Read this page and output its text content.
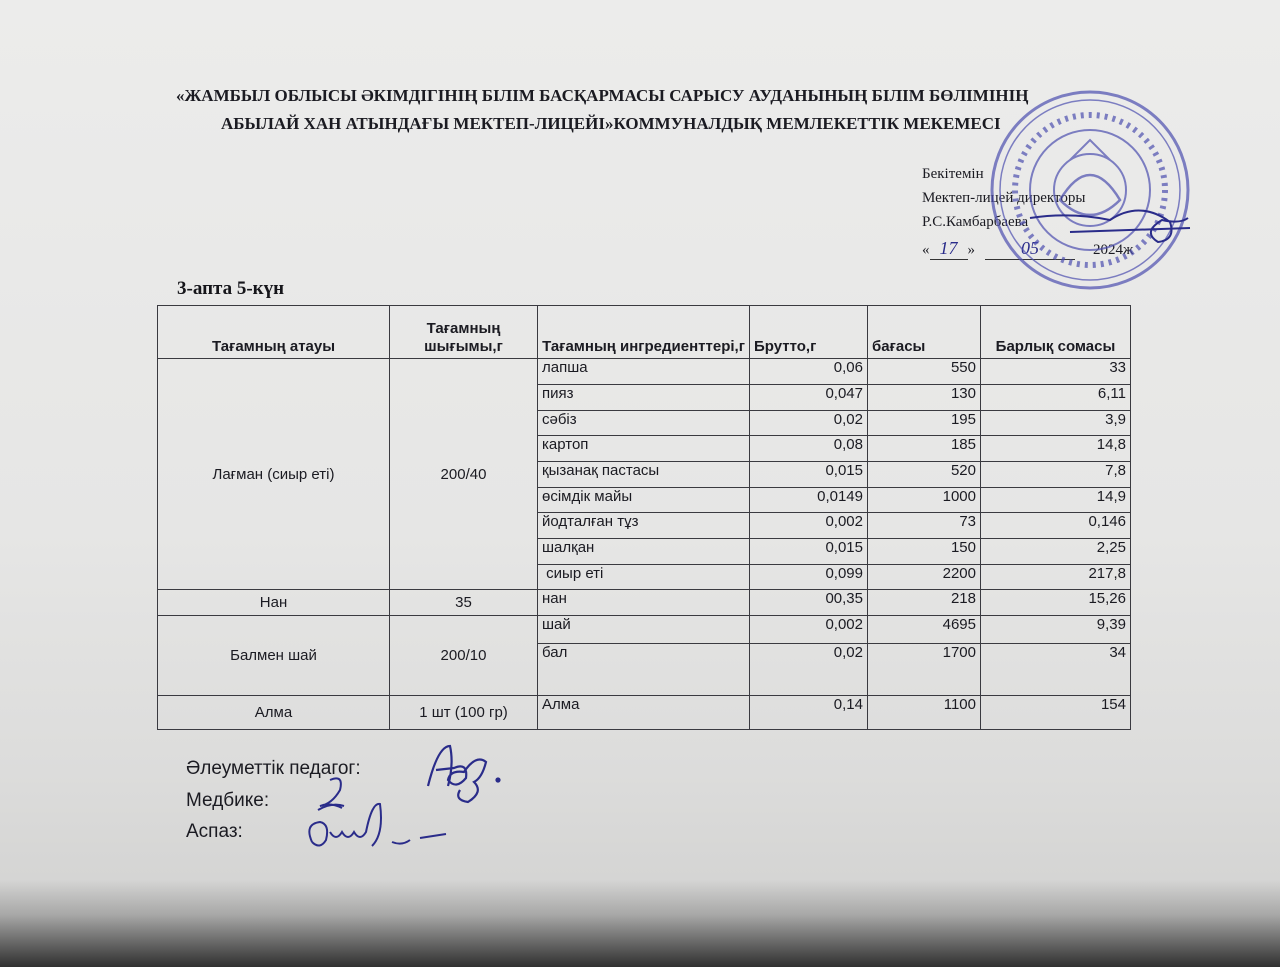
«ЖАМБЫЛ ОБЛЫСЫ ӘКІМДІГІНІҢ БІЛІМ БАСҚАРМАСЫ САРЫСУ АУДАНЫНЫҢ БІЛІМ БӨЛІМІНІҢ
АБЫЛАЙ ХАН АТЫНДАҒЫ МЕКТЕП-ЛИЦЕЙІ»КОММУНАЛДЫҚ МЕМЛЕКЕТТІК МЕКЕМЕСІ
Бекітемін
Мектеп-лицей директоры
Р.С.Камбарбаева
« 17 »	05	2024ж
3-апта 5-күн
Тағамның атауы	Тағамның шығымы,г	Тағамның ингредиенттері,г	Брутто,г	бағасы	Барлық сомасы
Лағман (сиыр еті)	200/40	лапша	0,06	550	33
		пияз	0,047	130	6,11
		сәбіз	0,02	195	3,9
		картоп	0,08	185	14,8
		қызанақ пастасы	0,015	520	7,8
		өсімдік майы	0,0149	1000	14,9
		йодталған тұз	0,002	73	0,146
		шалқан	0,015	150	2,25
		сиыр еті	0,099	2200	217,8
Нан	35	нан	00,35	218	15,26
Балмен шай	200/10	шай	0,002	4695	9,39
		бал	0,02	1700	34
Алма	1 шт (100 гр)	Алма	0,14	1100	154
Әлеуметтік педагог:
Медбике:
Аспаз:
